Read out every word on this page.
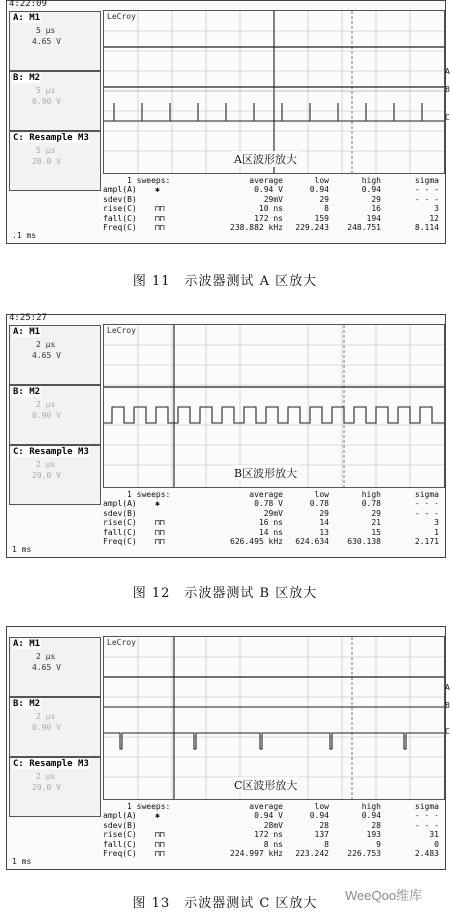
4:22:09
A: M1
5 µs
4.65 V
B: M2
5 µs
0.90 V
C: Resample M3
5 µs
20.0 V
.1 ms
LeCroy
A区波形放大
A
B
C
1 sweeps:	average	low	high	sigma
ampl(A) ✱	0.94 V	0.94	0.94	- - -
sdev(B)	29mV	29	29	- - -
rise(C) ⊓⊓	10 ns	8	16	3
fall(C) ⊓⊓	172 ns	159	194	12
Freq(C) ⊓⊓	238.882 kHz	229.243	248.751	8.114
图 11　示波器测试 A 区放大
4:25:27
A: M1
2 µs
4.65 V
B: M2
2 µs
0.90 V
C: Resample M3
2 µs
20.0 V
1 ms
LeCroy
B区波形放大
1 sweeps:	average	low	high	sigma
ampl(A) ✱	0.78 V	0.78	0.78	- - -
sdev(B)	29mV	29	29	- - -
rise(C) ⊓⊓	16 ns	14	21	3
fall(C) ⊓⊓	14 ns	13	15	1
Freq(C) ⊓⊓	626.495 kHz	624.634	630.138	2.171
图 12　示波器测试 B 区放大
A: M1
2 µs
4.65 V
B: M2
2 µs
0.90 V
C: Resample M3
2 µs
20.0 V
1 ms
LeCroy
C区波形放大
A
B
C
1 sweeps:	average	low	high	sigma
ampl(A) ✱	0.94 V	0.94	0.94	- - -
sdev(B)	28mV	28	28	- - -
rise(C) ⊓⊓	172 ns	137	193	31
fall(C) ⊓⊓	8 ns	8	9	0
Freq(C) ⊓⊓	224.997 kHz	223.242	226.753	2.483
图 13　示波器测试 C 区放大
WeeQoo维库
